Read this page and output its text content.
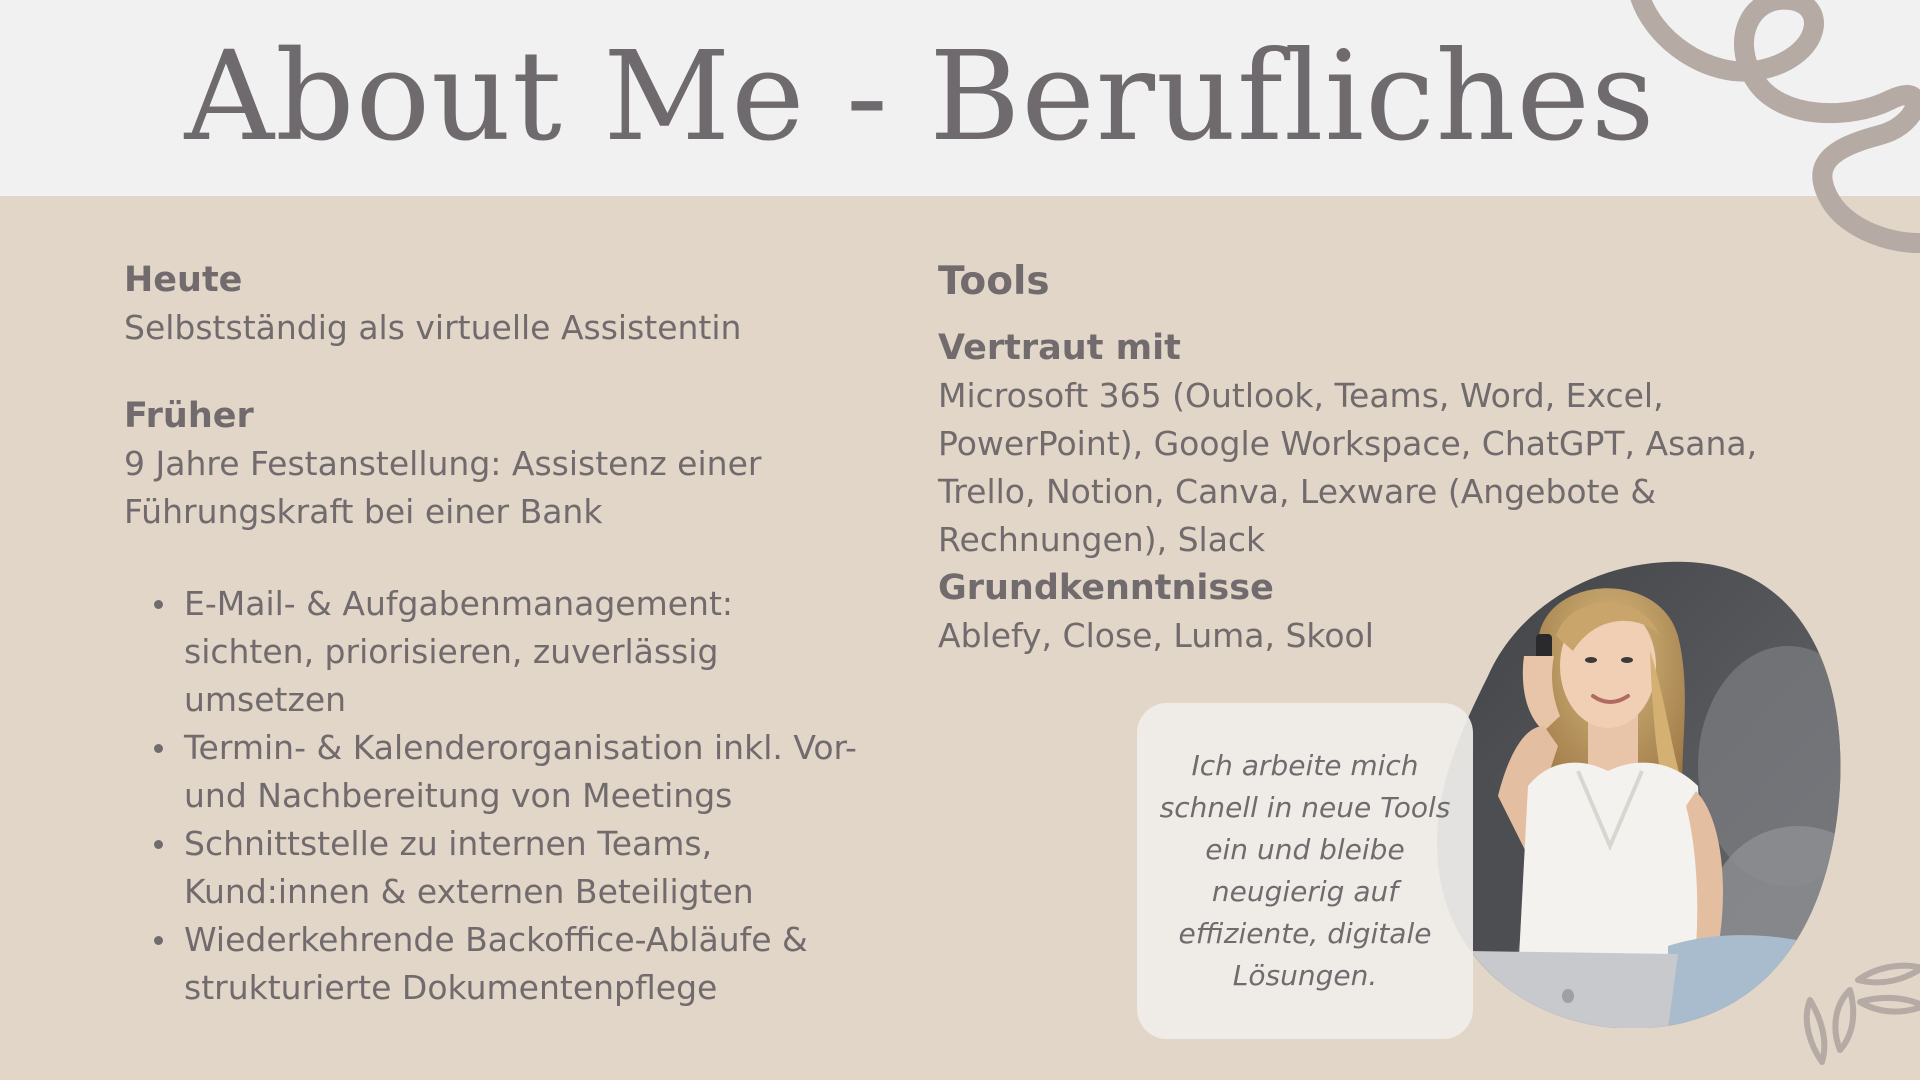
About Me - Berufliches
Heute
Selbstständig als virtuelle Assistentin
Früher
9 Jahre Festanstellung: Assistenz einer
Führungskraft bei einer Bank
E-Mail- & Aufgabenmanagement:
sichten, priorisieren, zuverlässig
umsetzen
Termin- & Kalenderorganisation inkl. Vor-
und Nachbereitung von Meetings
Schnittstelle zu internen Teams,
Kund:innen & externen Beteiligten
Wiederkehrende Backoffice-Abläufe &
strukturierte Dokumentenpflege
Tools
Vertraut mit
Microsoft 365 (Outlook, Teams, Word, Excel,
PowerPoint), Google Workspace, ChatGPT, Asana,
Trello, Notion, Canva, Lexware (Angebote &
Rechnungen), Slack
Grundkenntnisse
Ablefy, Close, Luma, Skool
Ich arbeite mich
schnell in neue Tools
ein und bleibe
neugierig auf
effiziente, digitale
Lösungen.
